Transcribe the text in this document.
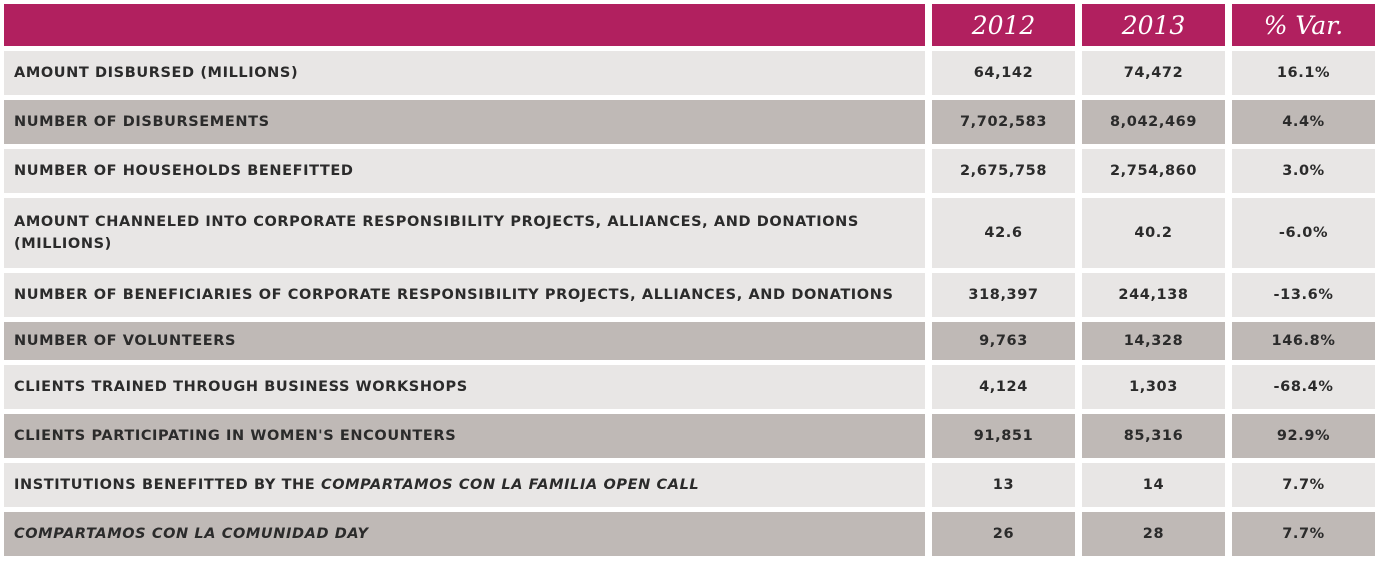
	2012	2013	% Var.
AMOUNT DISBURSED (MILLIONS)	64,142	74,472	16.1%
NUMBER OF DISBURSEMENTS	7,702,583	8,042,469	4.4%
NUMBER OF HOUSEHOLDS BENEFITTED	2,675,758	2,754,860	3.0%
AMOUNT CHANNELED INTO CORPORATE RESPONSIBILITY PROJECTS, ALLIANCES, AND DONATIONS (MILLIONS)	42.6	40.2	-6.0%
NUMBER OF BENEFICIARIES OF CORPORATE RESPONSIBILITY PROJECTS, ALLIANCES, AND DONATIONS	318,397	244,138	-13.6%
NUMBER OF VOLUNTEERS	9,763	14,328	146.8%
CLIENTS TRAINED THROUGH BUSINESS WORKSHOPS	4,124	1,303	-68.4%
CLIENTS PARTICIPATING IN WOMEN'S ENCOUNTERS	91,851	85,316	92.9%
INSTITUTIONS BENEFITTED BY THE COMPARTAMOS CON LA FAMILIA OPEN CALL	13	14	7.7%
COMPARTAMOS CON LA COMUNIDAD DAY	26	28	7.7%
